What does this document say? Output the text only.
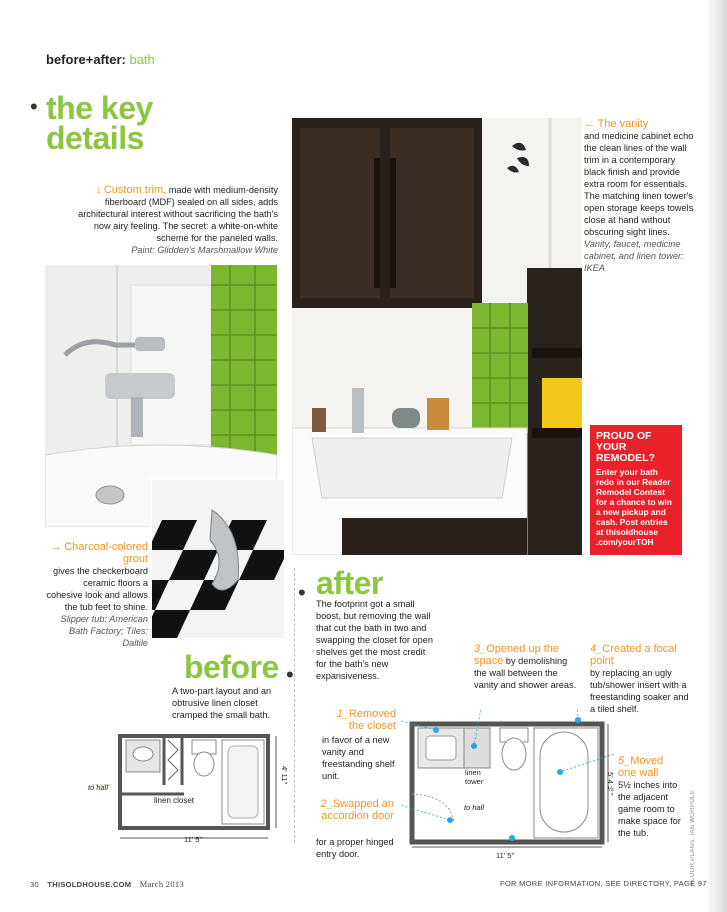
before+after: bath
• the key
details
↓ Custom trim, made with medium-density fiberboard (MDF) sealed on all sides, adds architectural interest without sacrificing the bath's now airy feeling. The secret: a white-on-white scheme for the paneled walls.
Paint: Glidden's Marshmallow White
→ Charcoal-colored grout
gives the checkerboard ceramic floors a cohesive look and allows the tub feet to shine.
Slipper tub: American Bath Factory; Tiles: Daltile
← The vanity
and medicine cabinet echo the clean lines of the wall trim in a contemporary black finish and provide extra room for essentials. The matching linen tower's open storage keeps towels close at hand without obscuring sight lines.
Vanity, faucet, medicine cabinet, and linen tower: IKEA
PROUD OF YOUR REMODEL?
Enter your bath redo in our Reader Remodel Contest for a chance to win a new pickup and cash. Post entries at thisoldhouse .com/yourTOH
• after
The footprint got a small boost, but removing the wall that cut the bath in two and swapping the closet for open shelves get the most credit for the bath's new expansiveness.
before •
A two-part layout and an obtrusive linen closet cramped the small bath.
to hall
linen closet
11' 5"
4' 11"	linen tower
to hall
11' 5"
5' 4½"
FLOOR PLANS: IAN WORPOLE
1_Removed the closet
in favor of a new vanity and freestanding shelf unit.
2_Swapped an accordion door
for a proper hinged entry door.
3_Opened up the space by demolishing the wall between the vanity and shower areas.
4_Created a focal point
by replacing an ugly tub/shower insert with a freestanding soaker and a tiled shelf.
5_Moved one wall
5½ inches into the adjacent game room to make space for the tub.
30 THISOLDHOUSE.COM March 2013	FOR MORE INFORMATION, SEE DIRECTORY, PAGE 97
